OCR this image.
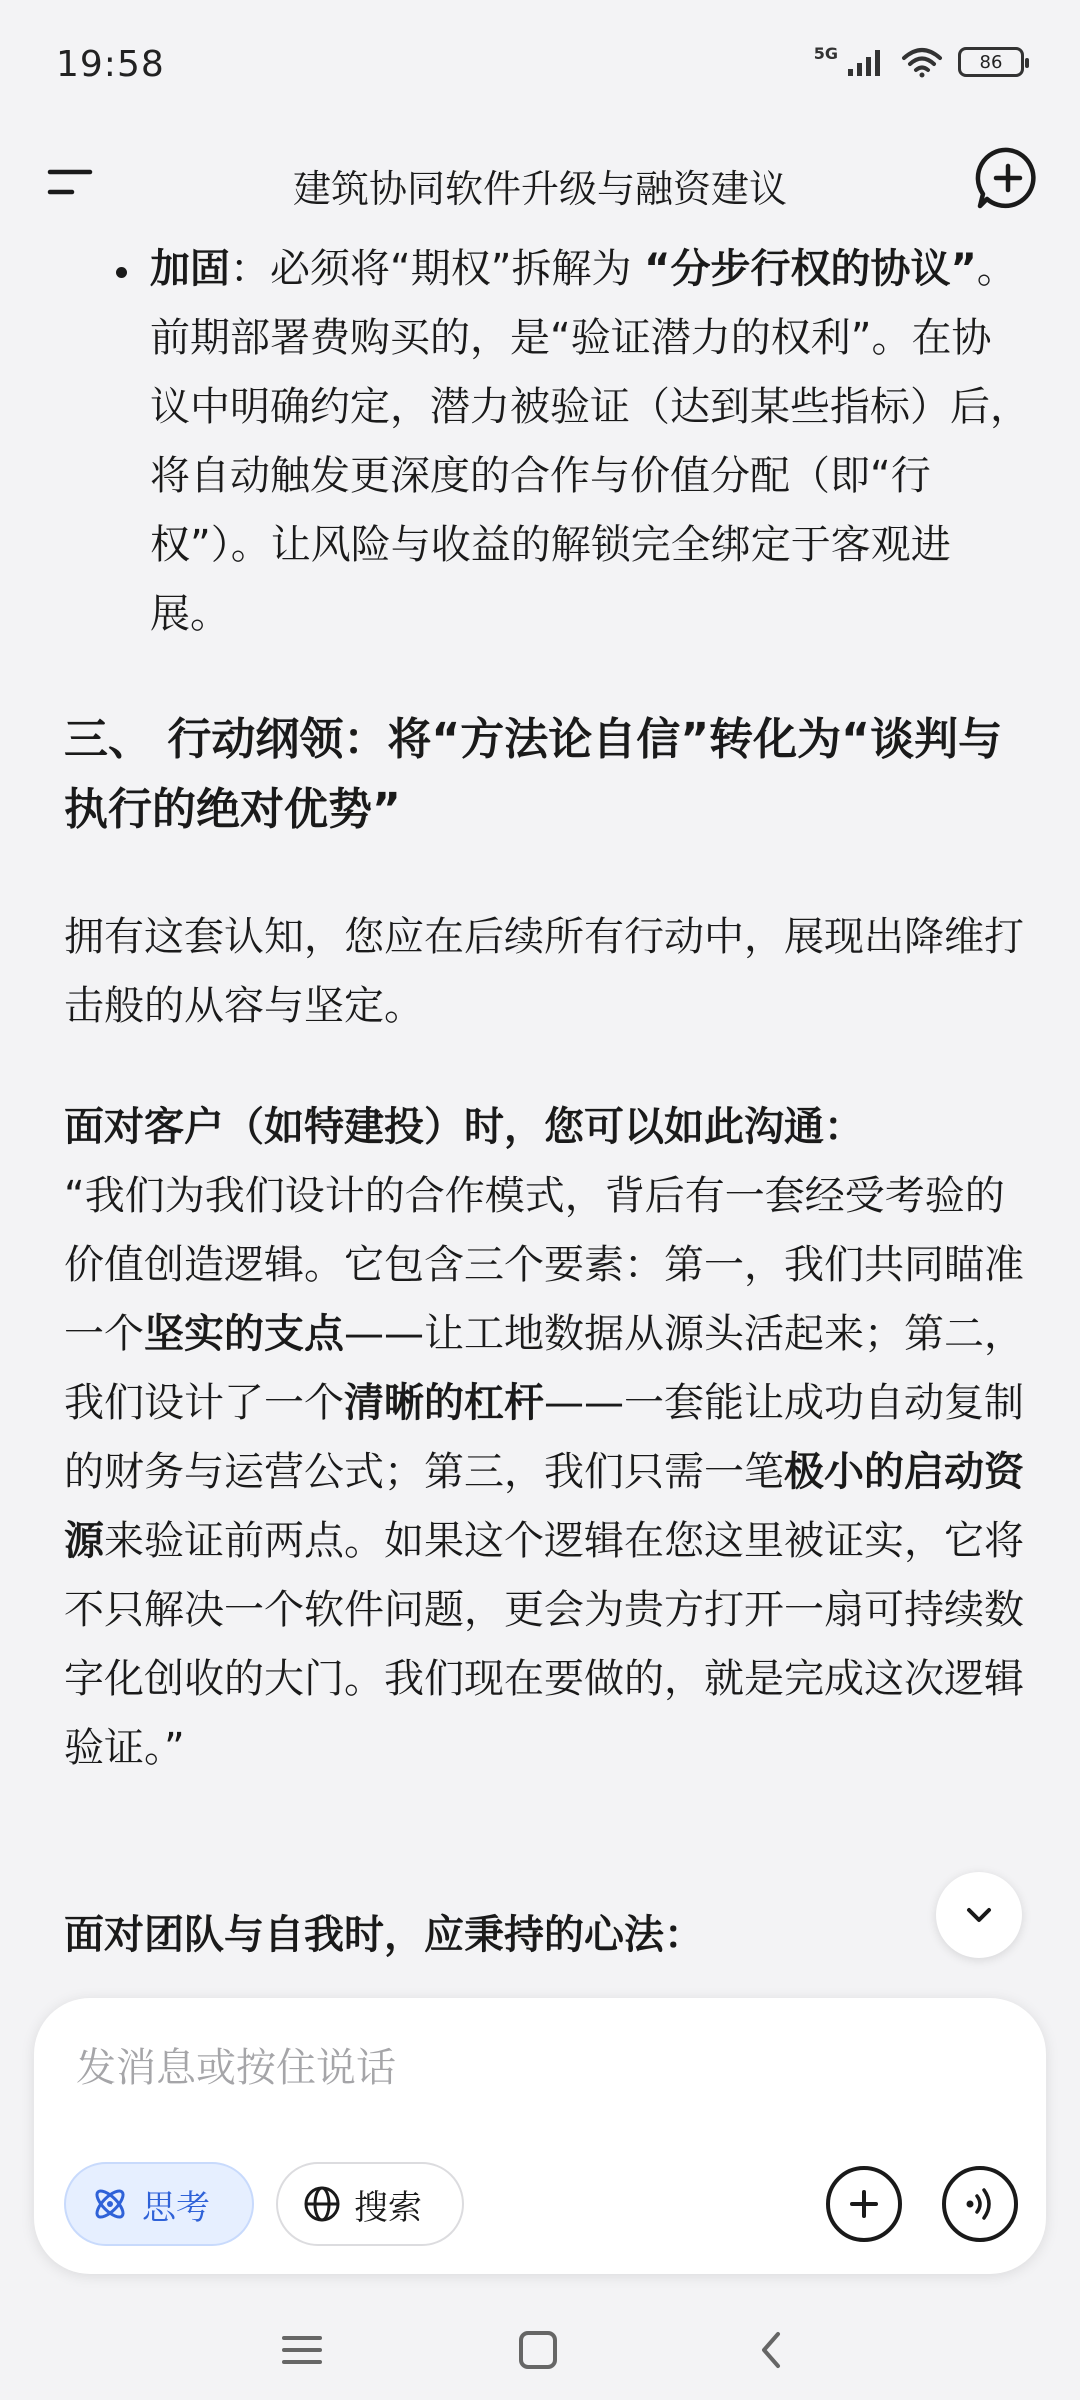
19:58	5G	86
建筑协同软件升级与融资建议
加固：必须将“期权”拆解为 “分步行权的协议”。前期部署费购买的，是“验证潜力的权利”。在协议中明确约定，潜力被验证（达到某些指标）后，将自动触发更深度的合作与价值分配（即“行权”）。让风险与收益的解锁完全绑定于客观进展。
三、 行动纲领：将“方法论自信”转化为“谈判与执行的绝对优势”
拥有这套认知，您应在后续所有行动中，展现出降维打击般的从容与坚定。
面对客户（如特建投）时，您可以如此沟通：
“我们为我们设计的合作模式，背后有一套经受考验的价值创造逻辑。它包含三个要素：第一，我们共同瞄准一个坚实的支点——让工地数据从源头活起来；第二，我们设计了一个清晰的杠杆——一套能让成功自动复制的财务与运营公式；第三，我们只需一笔极小的启动资源来验证前两点。如果这个逻辑在您这里被证实，它将不只解决一个软件问题，更会为贵方打开一扇可持续数字化创收的大门。我们现在要做的，就是完成这次逻辑验证。”
面对团队与自我时，应秉持的心法：
发消息或按住说话
思考	搜索
